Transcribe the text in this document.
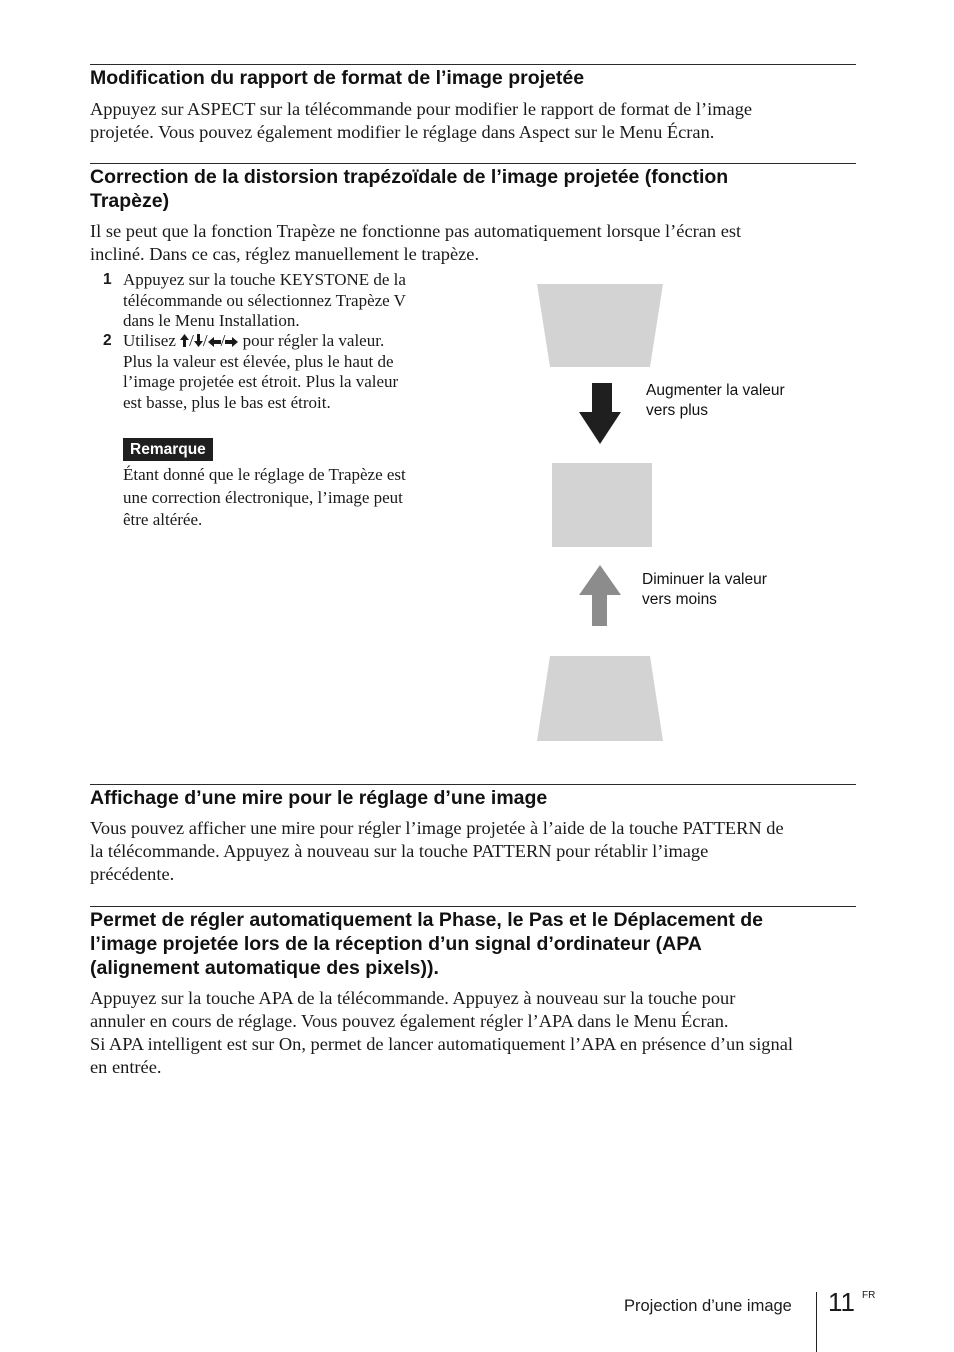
Modification du rapport de format de l’image projetée
Appuyez sur ASPECT sur la télécommande pour modifier le rapport de format de l’image
projetée. Vous pouvez également modifier le réglage dans Aspect sur le Menu Écran.
Correction de la distorsion trapézoïdale de l’image projetée (fonction
Trapèze)
Il se peut que la fonction Trapèze ne fonctionne pas automatiquement lorsque l’écran est
incliné. Dans ce cas, réglez manuellement le trapèze.
1 Appuyez sur la touche KEYSTONE de la
télécommande ou sélectionnez Trapèze V
dans le Menu Installation.
2 Utilisez / / / pour régler la valeur.
Plus la valeur est élevée, plus le haut de
l’image projetée est étroit. Plus la valeur
est basse, plus le bas est étroit.
Remarque
Étant donné que le réglage de Trapèze est
une correction électronique, l’image peut
être altérée.
Augmenter la valeur
vers plus
Diminuer la valeur
vers moins
Affichage d’une mire pour le réglage d’une image
Vous pouvez afficher une mire pour régler l’image projetée à l’aide de la touche PATTERN de
la télécommande. Appuyez à nouveau sur la touche PATTERN pour rétablir l’image
précédente.
Permet de régler automatiquement la Phase, le Pas et le Déplacement de
l’image projetée lors de la réception d’un signal d’ordinateur (APA
(alignement automatique des pixels)).
Appuyez sur la touche APA de la télécommande. Appuyez à nouveau sur la touche pour
annuler en cours de réglage. Vous pouvez également régler l’APA dans le Menu Écran.
Si APA intelligent est sur On, permet de lancer automatiquement l’APA en présence d’un signal
en entrée.
Projection d’une image 11 FR
